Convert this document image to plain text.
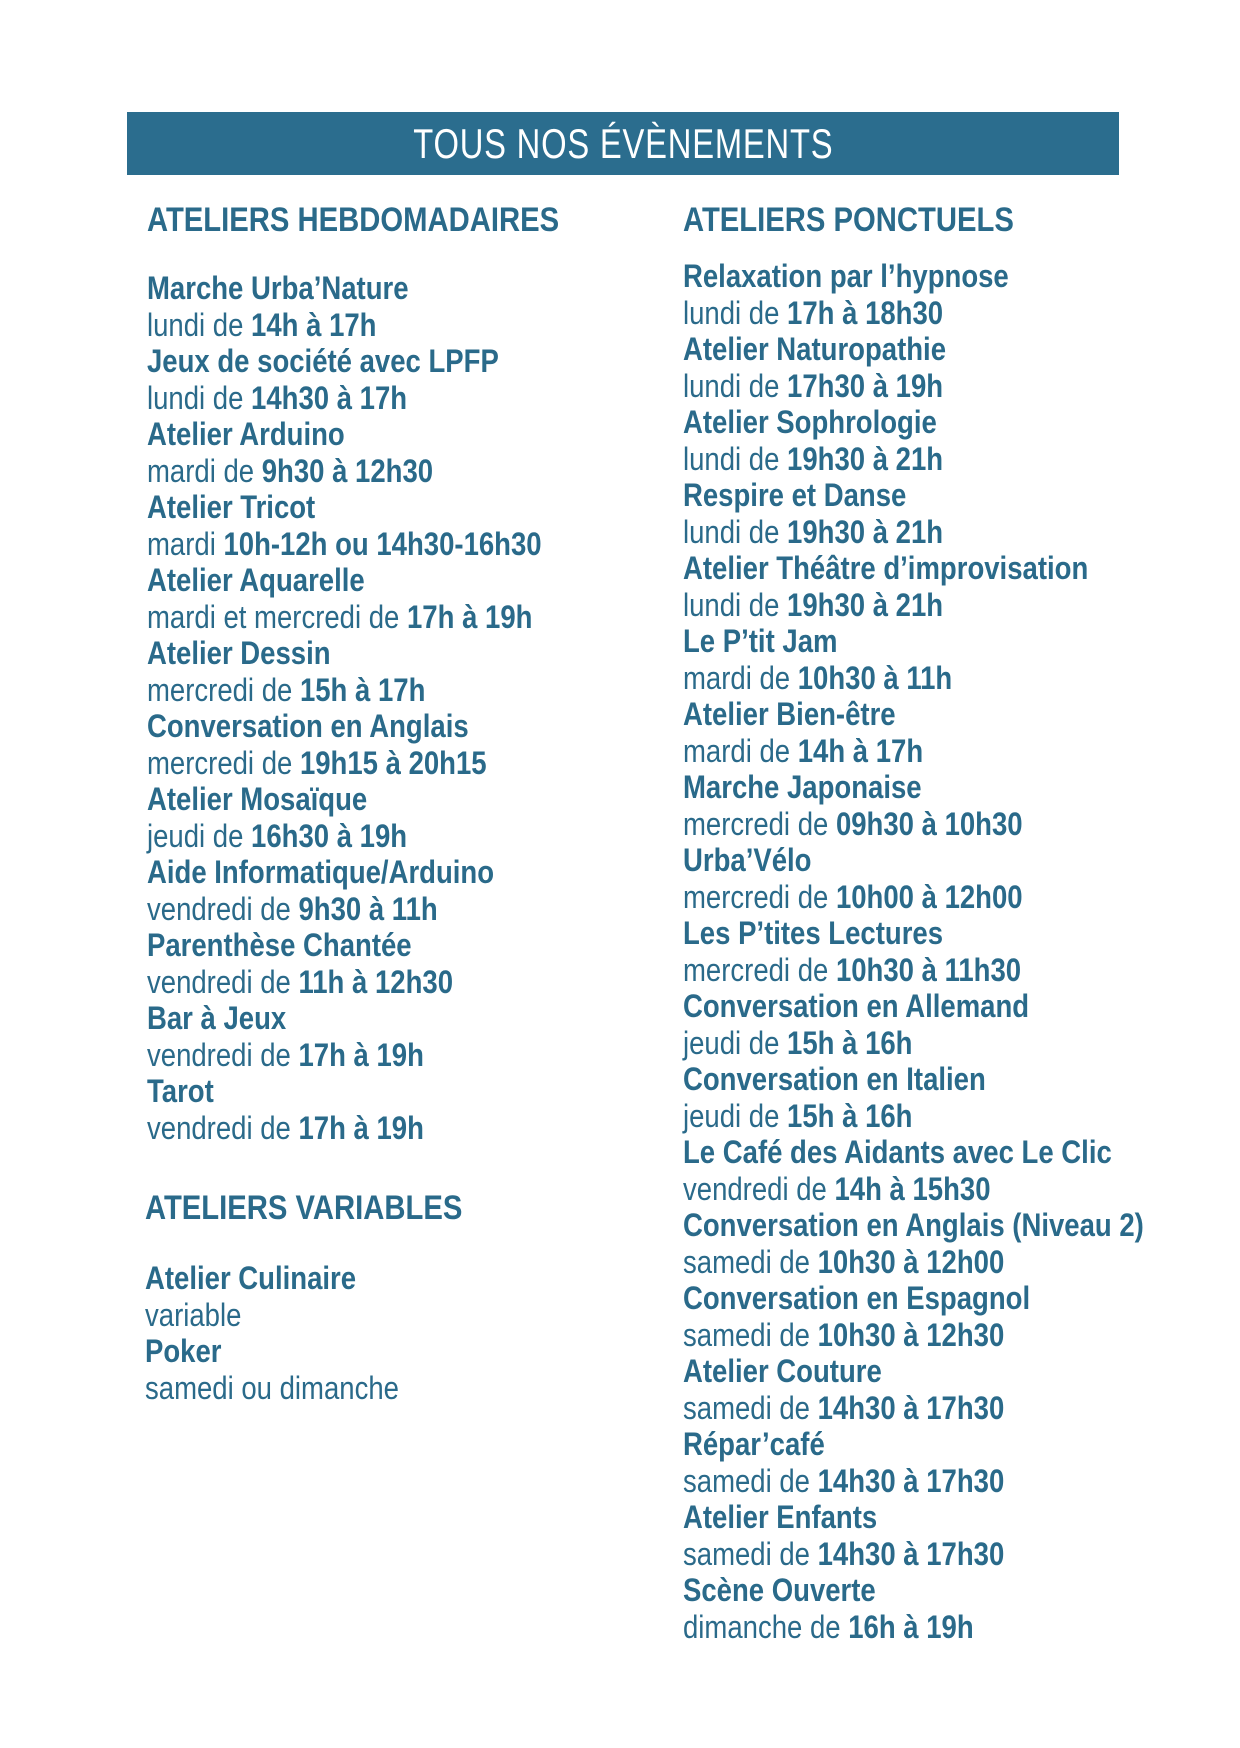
TOUS NOS ÉVÈNEMENTS
ATELIERS HEBDOMADAIRES
Marche Urba’Nature
lundi de 14h à 17h
Jeux de société avec LPFP
lundi de 14h30 à 17h
Atelier Arduino
mardi de 9h30 à 12h30
Atelier Tricot
mardi 10h-12h ou 14h30-16h30
Atelier Aquarelle
mardi et mercredi de 17h à 19h
Atelier Dessin
mercredi de 15h à 17h
Conversation en Anglais
mercredi de 19h15 à 20h15
Atelier Mosaïque
jeudi de 16h30 à 19h
Aide Informatique/Arduino
vendredi de 9h30 à 11h
Parenthèse Chantée
vendredi de 11h à 12h30
Bar à Jeux
vendredi de 17h à 19h
Tarot
vendredi de 17h à 19h
ATELIERS VARIABLES
Atelier Culinaire
variable
Poker
samedi ou dimanche
ATELIERS PONCTUELS
Relaxation par l’hypnose
lundi de 17h à 18h30
Atelier Naturopathie
lundi de 17h30 à 19h
Atelier Sophrologie
lundi de 19h30 à 21h
Respire et Danse
lundi de 19h30 à 21h
Atelier Théâtre d’improvisation
lundi de 19h30 à 21h
Le P’tit Jam
mardi de 10h30 à 11h
Atelier Bien-être
mardi de 14h à 17h
Marche Japonaise
mercredi de 09h30 à 10h30
Urba’Vélo
mercredi de 10h00 à 12h00
Les P’tites Lectures
mercredi de 10h30 à 11h30
Conversation en Allemand
jeudi de 15h à 16h
Conversation en Italien
jeudi de 15h à 16h
Le Café des Aidants avec Le Clic
vendredi de 14h à 15h30
Conversation en Anglais (Niveau 2)
samedi de 10h30 à 12h00
Conversation en Espagnol
samedi de 10h30 à 12h30
Atelier Couture
samedi de 14h30 à 17h30
Répar’café
samedi de 14h30 à 17h30
Atelier Enfants
samedi de 14h30 à 17h30
Scène Ouverte
dimanche de 16h à 19h
